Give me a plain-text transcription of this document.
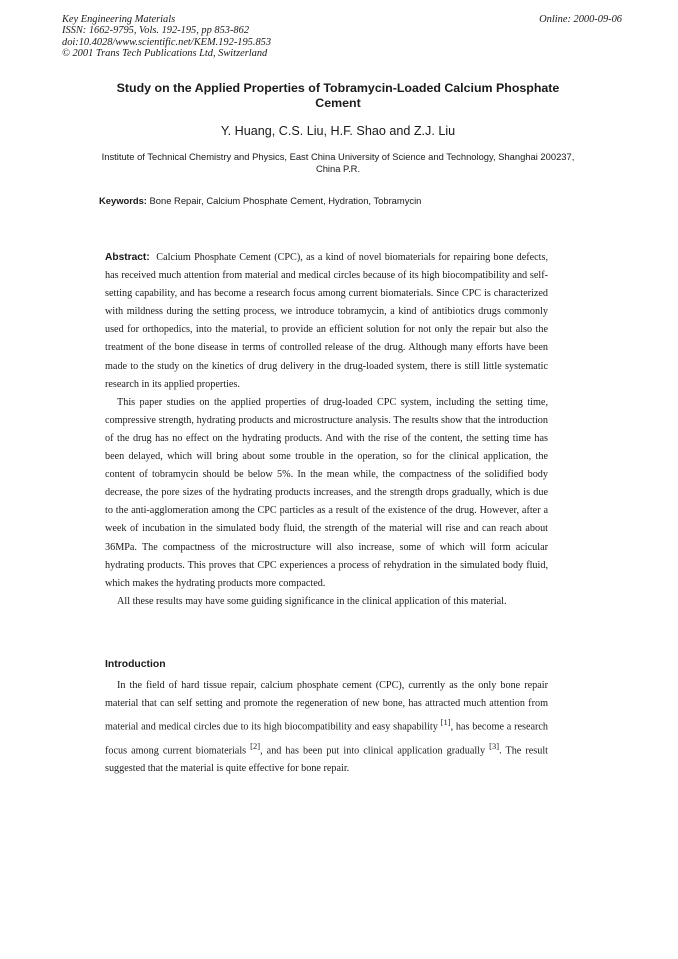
Key Engineering Materials
ISSN: 1662-9795, Vols. 192-195, pp 853-862
doi:10.4028/www.scientific.net/KEM.192-195.853
© 2001 Trans Tech Publications Ltd, Switzerland
Online: 2000-09-06
Study on the Applied Properties of Tobramycin-Loaded Calcium Phosphate Cement
Y. Huang, C.S. Liu, H.F. Shao and Z.J. Liu
Institute of Technical Chemistry and Physics, East China University of Science and Technology, Shanghai 200237, China P.R.
Keywords: Bone Repair, Calcium Phosphate Cement, Hydration, Tobramycin

Abstract: Calcium Phosphate Cement (CPC), as a kind of novel biomaterials for repairing bone defects, has received much attention from material and medical circles because of its high biocompatibility and self-setting capability, and has become a research focus among current biomaterials. Since CPC is characterized with mildness during the setting process, we introduce tobramycin, a kind of antibiotics drugs commonly used for orthopedics, into the material, to provide an efficient solution for not only the repair but also the treatment of the bone disease in terms of controlled release of the drug. Although many efforts have been made to the study on the kinetics of drug delivery in the drug-loaded system, there is still little systematic research in its applied properties.

This paper studies on the applied properties of drug-loaded CPC system, including the setting time, compressive strength, hydrating products and microstructure analysis. The results show that the introduction of the drug has no effect on the hydrating products. And with the rise of the content, the setting time has been delayed, which will bring about some trouble in the operation, so for the clinical application, the content of tobramycin should be below 5%. In the mean while, the compactness of the solidified body decrease, the pore sizes of the hydrating products increases, and the strength drops gradually, which is due to the anti-agglomeration among the CPC particles as a result of the existence of the drug. However, after a week of incubation in the simulated body fluid, the strength of the material will rise and can reach about 36MPa. The compactness of the microstructure will also increase, some of which will form acicular hydrating products. This proves that CPC experiences a process of rehydration in the simulated body fluid, which makes the hydrating products more compacted.

All these results may have some guiding significance in the clinical application of this material.

Introduction

In the field of hard tissue repair, calcium phosphate cement (CPC), currently as the only bone repair material that can self setting and promote the regeneration of new bone, has attracted much attention from material and medical circles due to its high biocompatibility and easy shapability [1], has become a research focus among current biomaterials [2], and has been put into clinical application gradually [3]. The result suggested that the material is quite effective for bone repair.
